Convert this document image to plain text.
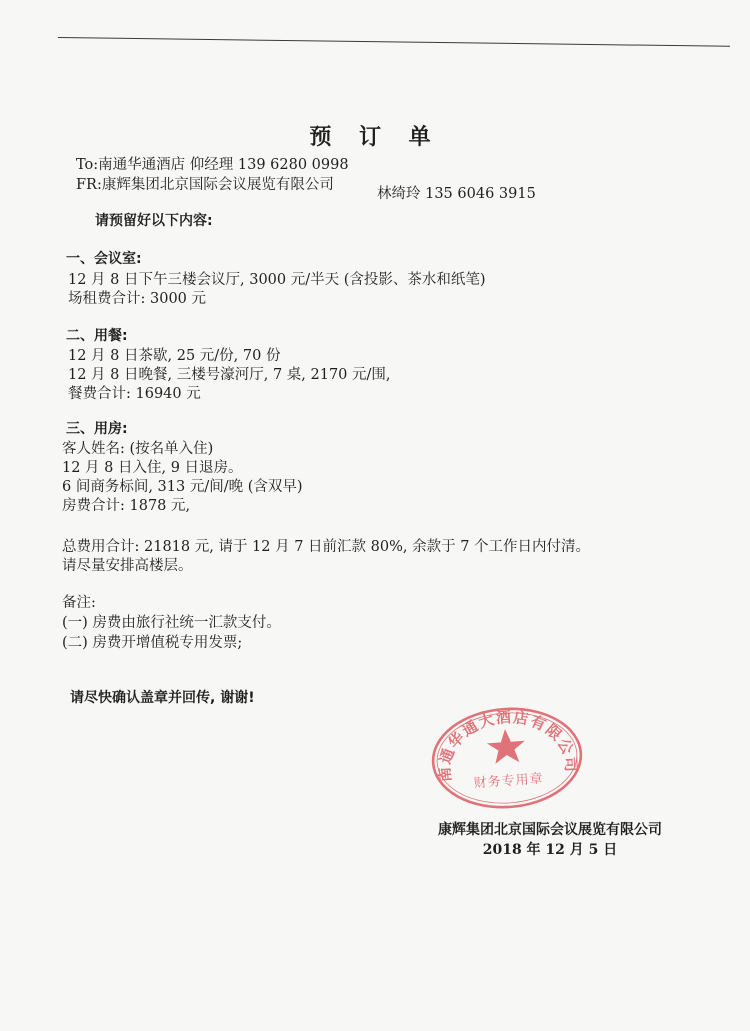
预 订 单
To:南通华通酒店 仰经理 139 6280 0998
FR:康辉集团北京国际会议展览有限公司
林绮玲 135 6046 3915
请预留好以下内容:
一、会议室:
12 月 8 日下午三楼会议厅, 3000 元/半天 (含投影、茶水和纸笔)
场租费合计: 3000 元
二、用餐:
12 月 8 日茶歇, 25 元/份, 70 份
12 月 8 日晚餐, 三楼号濠河厅, 7 桌, 2170 元/围,
餐费合计: 16940 元
三、用房:
客人姓名: (按名单入住)
12 月 8 日入住, 9 日退房。
6 间商务标间, 313 元/间/晚 (含双早)
房费合计: 1878 元,
总费用合计: 21818 元, 请于 12 月 7 日前汇款 80%, 余款于 7 个工作日内付清。
请尽量安排高楼层。
备注:
(一) 房费由旅行社统一汇款支付。
(二) 房费开增值税专用发票;
请尽快确认盖章并回传, 谢谢!
南通华通大酒店有限公司
财务专用章
康辉集团北京国际会议展览有限公司
2018 年 12 月 5 日
